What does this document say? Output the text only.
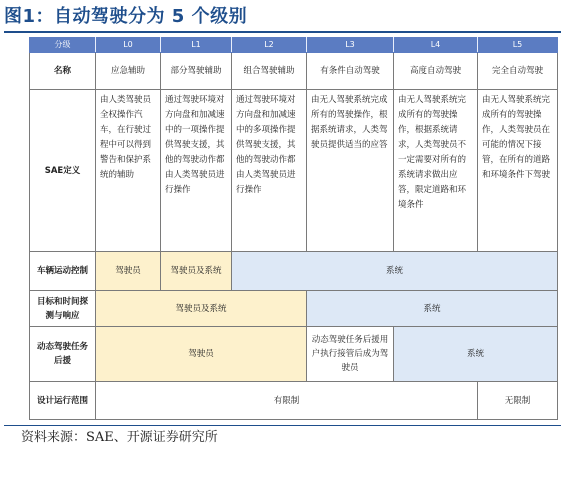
图1：自动驾驶分为 5 个级别
分级	L0	L1	L2	L3	L4	L5
名称	应急辅助	部分驾驶辅助	组合驾驶辅助	有条件自动驾驶	高度自动驾驶	完全自动驾驶
SAE定义	由人类驾驶员全权操作汽车，在行驶过程中可以得到警告和保护系统的辅助	通过驾驶环境对方向盘和加减速中的一项操作提供驾驶支援，其他的驾驶动作都由人类驾驶员进行操作	通过驾驶环境对方向盘和加减速中的多项操作提供驾驶支援，其他的驾驶动作都由人类驾驶员进行操作	由无人驾驶系统完成所有的驾驶操作，根据系统请求，人类驾驶员提供适当的应答	由无人驾驶系统完成所有的驾驶操作，根据系统请求，人类驾驶员不一定需要对所有的系统请求做出应答，限定道路和环境条件	由无人驾驶系统完成所有的驾驶操作，人类驾驶员在可能的情况下接管，在所有的道路和环境条件下驾驶
车辆运动控制	驾驶员	驾驶员及系统	系统			
目标和时间探测与响应	驾驶员及系统			系统		
动态驾驶任务后援	驾驶员			动态驾驶任务后援用户执行接管后成为驾驶员	系统	
设计运行范围	有限制					无限制
资料来源：SAE、开源证券研究所
